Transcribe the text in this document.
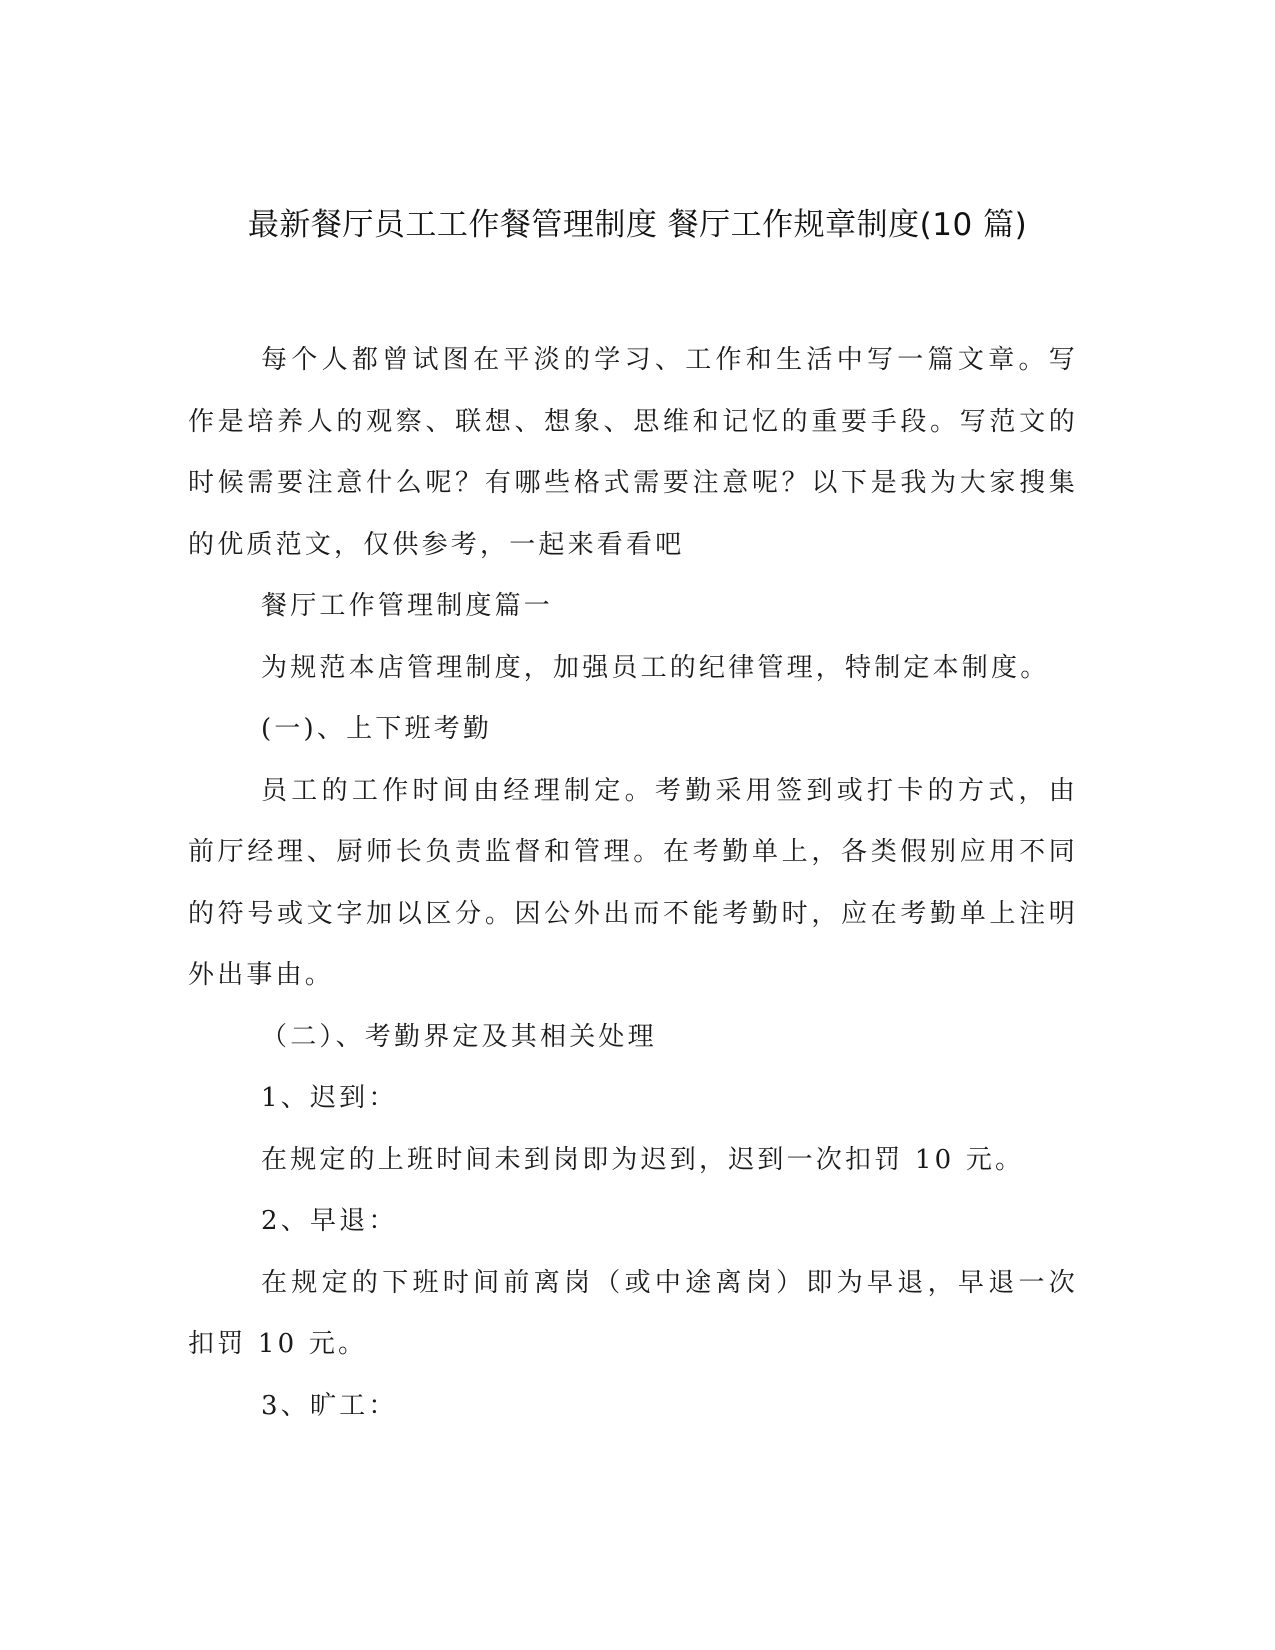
最新餐厅员工工作餐管理制度 餐厅工作规章制度(10 篇)

每个人都曾试图在平淡的学习、工作和生活中写一篇文章。写作是培养人的观察、联想、想象、思维和记忆的重要手段。写范文的时候需要注意什么呢？有哪些格式需要注意呢？以下是我为大家搜集的优质范文，仅供参考，一起来看看吧

餐厅工作管理制度篇一

为规范本店管理制度，加强员工的纪律管理，特制定本制度。

(一)、上下班考勤

员工的工作时间由经理制定。考勤采用签到或打卡的方式，由前厅经理、厨师长负责监督和管理。在考勤单上，各类假别应用不同的符号或文字加以区分。因公外出而不能考勤时，应在考勤单上注明外出事由。

（二）、考勤界定及其相关处理

1、迟到：

在规定的上班时间未到岗即为迟到，迟到一次扣罚 10 元。

2、早退：

在规定的下班时间前离岗（或中途离岗）即为早退，早退一次扣罚 10 元。

3、旷工：
